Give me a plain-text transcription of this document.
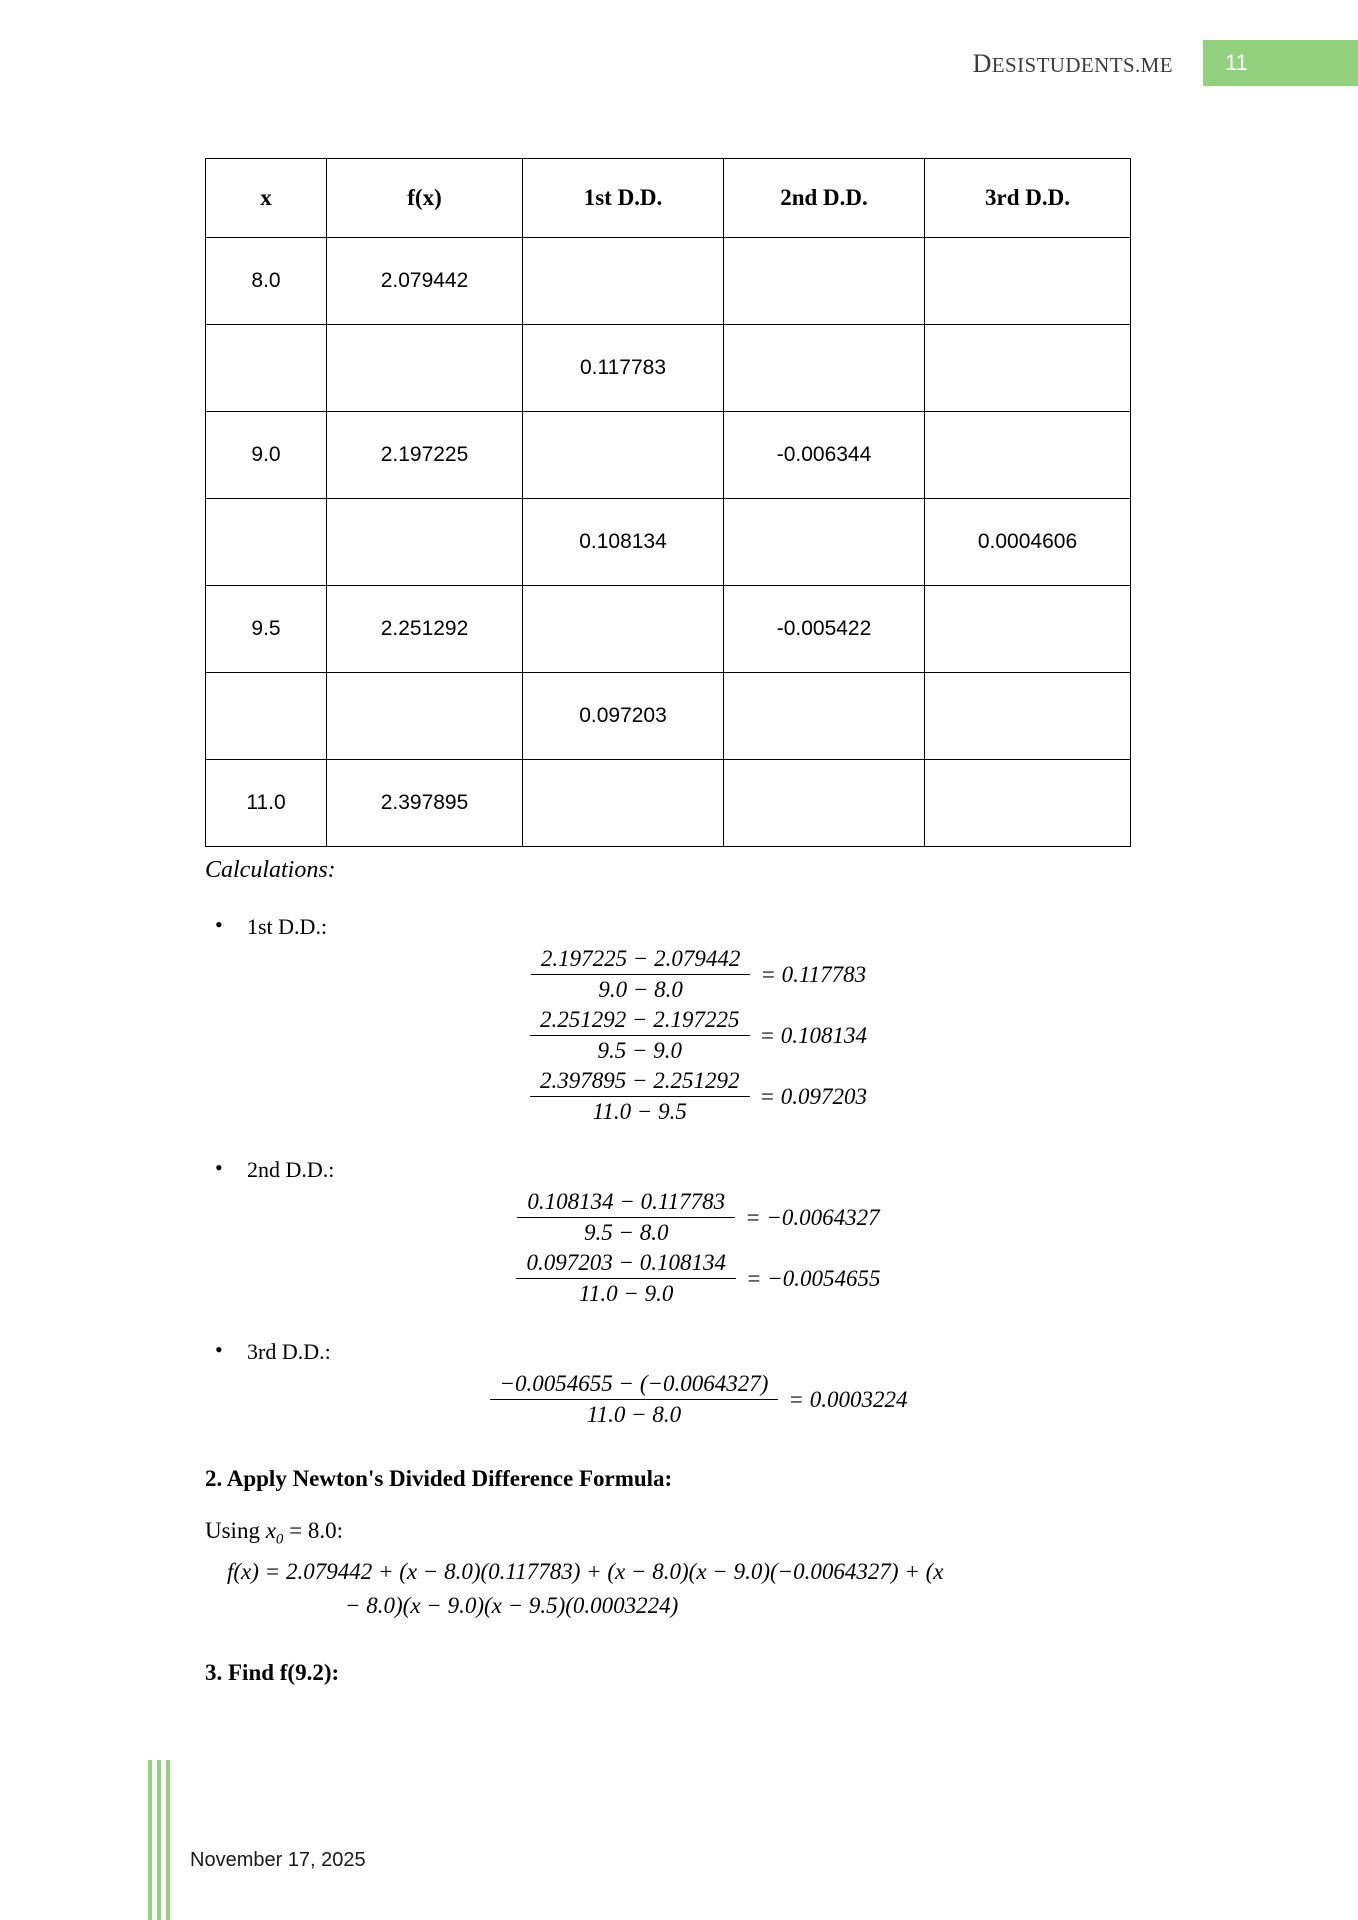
DESISTUDENTS.ME	11
x	f(x)	1st D.D.	2nd D.D.	3rd D.D.
8.0	2.079442			
		0.117783		
9.0	2.197225		-0.006344	
		0.108134		0.0004606
9.5	2.251292		-0.005422	
		0.097203		
11.0	2.397895			
Calculations:
• 1st D.D.:
$\frac{2.197225 - 2.079442}{9.0 - 8.0} = 0.117783$
$\frac{2.251292 - 2.197225}{9.5 - 9.0} = 0.108134$
$\frac{2.397895 - 2.251292}{11.0 - 9.5} = 0.097203$
• 2nd D.D.:
$\frac{0.108134 - 0.117783}{9.5 - 8.0} = -0.0064327$
$\frac{0.097203 - 0.108134}{11.0 - 9.0} = -0.0054655$
• 3rd D.D.:
$\frac{-0.0054655 - (-0.0064327)}{11.0 - 8.0} = 0.0003224$
2. Apply Newton's Divided Difference Formula:
Using $x_0 = 8.0$:
f(x) = 2.079442 + (x − 8.0)(0.117783) + (x − 8.0)(x − 9.0)(−0.0064327) + (x
− 8.0)(x − 9.0)(x − 9.5)(0.0003224)
3. Find f(9.2):
November 17, 2025
